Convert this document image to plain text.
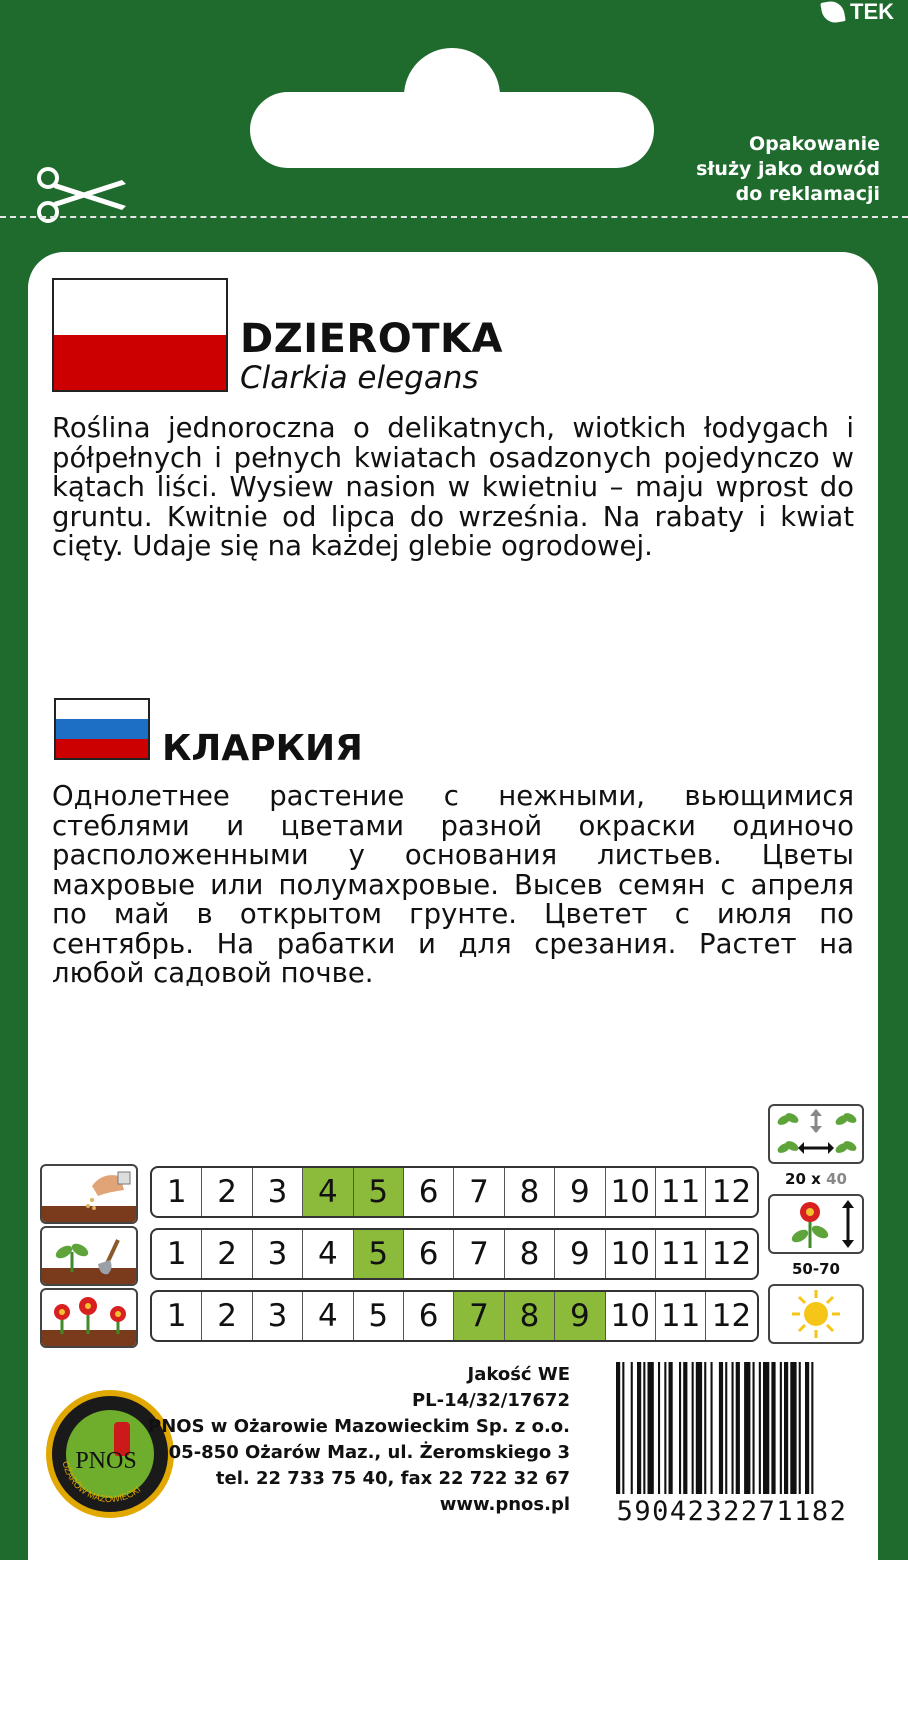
TEK
Opakowanie
służy jako dowód
do reklamacji
DZIEROTKA
Clarkia elegans

Roślina jednoroczna o delikatnych, wiotkich łodygach i półpełnych i pełnych kwiatach osadzonych pojedynczo w kątach liści. Wysiew nasion w kwietniu – maju wprost do gruntu. Kwitnie od lipca do września. Na rabaty i kwiat cięty. Udaje się na każdej glebie ogrodowej.

КЛАРКИЯ

Однолетнее растение с нежными, вьющимися стеблями и цветами разной окраски одиночо расположенными у основания листьев. Цветы махровые или полумахровые. Высев семян с апреля по май в открытом грунте. Цветет с июля по сентябрь. На рабатки и для срезания. Растет на любой садовой почве.

1 2 3 4 5 6 7 8 9 10 11 12
1 2 3 4 5 6 7 8 9 10 11 12
1 2 3 4 5 6 7 8 9 10 11 12
20 x 40
50-70
PNOS
OŻARÓW MAZOWIECKI
Jakość WE
PL-14/32/17672
PNOS w Ożarowie Mazowieckim Sp. z o.o.
05-850 Ożarów Maz., ul. Żeromskiego 3
tel. 22 733 75 40, fax 22 722 32 67
www.pnos.pl	5904232271182
